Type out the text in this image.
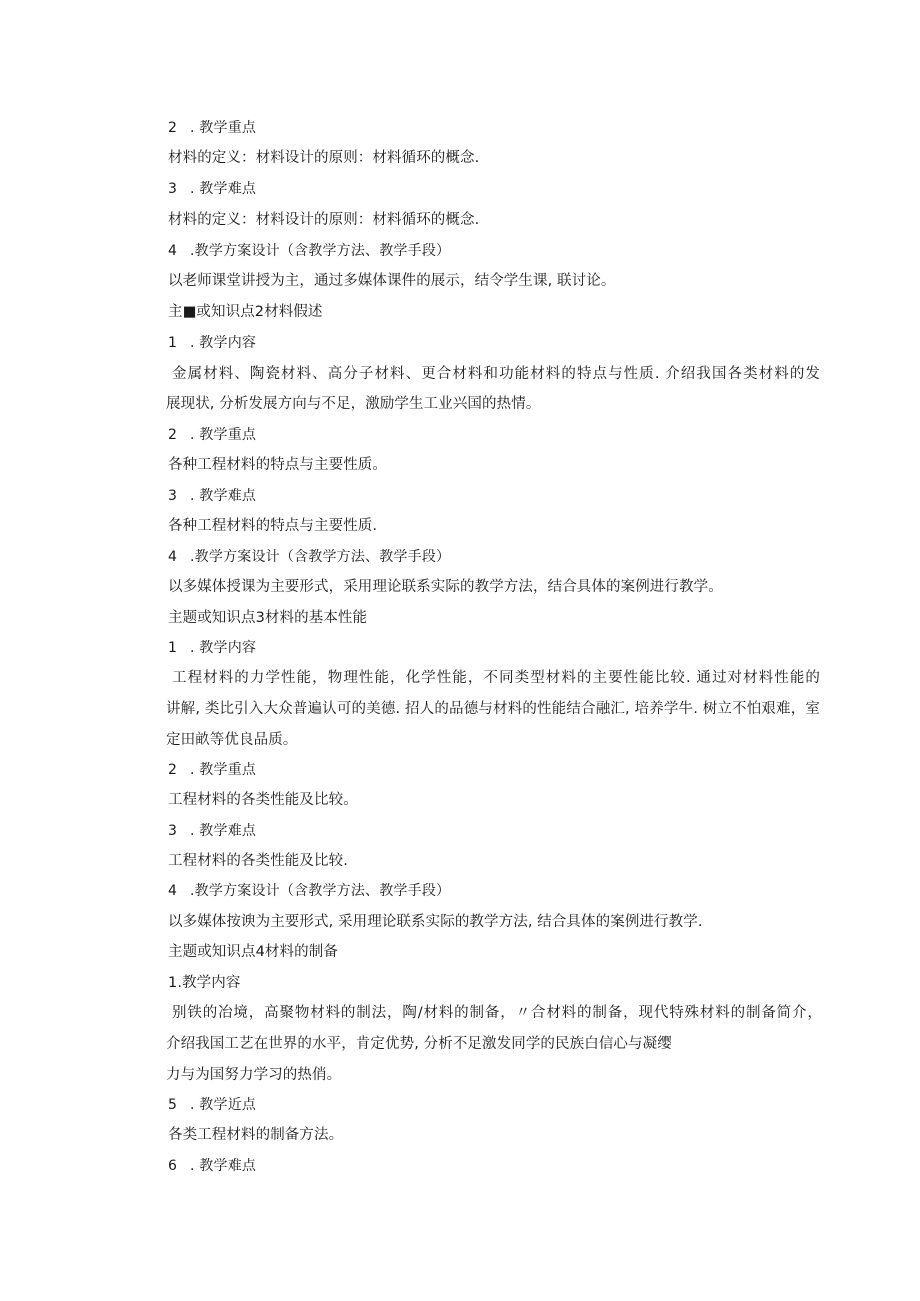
2 . 教学重点
材料的定义：材料设计的原则：材料循环的概念.
3 . 教学难点
材料的定义：材料设计的原则：材料循环的概念.
4 .教学方案设计（含教学方法、教学手段）
以老师课堂讲授为主，通过多媒体课件的展示，结令学生课, 联讨论。
主■或知识点2材料假述
1 . 教学内容
金属材料、陶瓷材料、高分子材料、更合材料和功能材料的特点与性质. 介绍我国各类材料的发
展现状, 分析发展方向与不足，激励学生工业兴国的热情。
2 . 教学重点
各种工程材料的特点与主要性质。
3 . 教学难点
各种工程材料的特点与主要性质.
4 .教学方案设计（含教学方法、教学手段）
以多媒体授课为主要形式，采用理论联系实际的教学方法，结合具体的案例进行教学。
主题或知识点3材料的基本性能
1 . 教学内容
工程材料的力学性能，物理性能，化学性能，不同类型材料的主要性能比较. 通过对材料性能的
讲解, 类比引入大众普遍认可的美德. 招人的品德与材料的性能结合融汇, 培养学牛. 树立不怕艰难，室
定田畝等优良品质。
2 . 教学重点
工程材料的各类性能及比较。
3 . 教学难点
工程材料的各类性能及比较.
4 .教学方案设计（含教学方法、教学手段）
以多媒体按谀为主要形式, 采用理论联系实际的教学方法, 结合具体的案例进行教学.
主题或知识点4材料的制备
1.教学内容
别铁的冶境，高聚物材料的制法，陶/材料的制备，〃合材料的制备，现代特殊材料的制备简介，
介绍我国工艺在世界的水平，肯定优势, 分析不足激发同学的民族白信心与凝缨
力与为国努力学习的热俏。
5 . 教学近点
各类工程材料的制备方法。
6 . 教学难点
